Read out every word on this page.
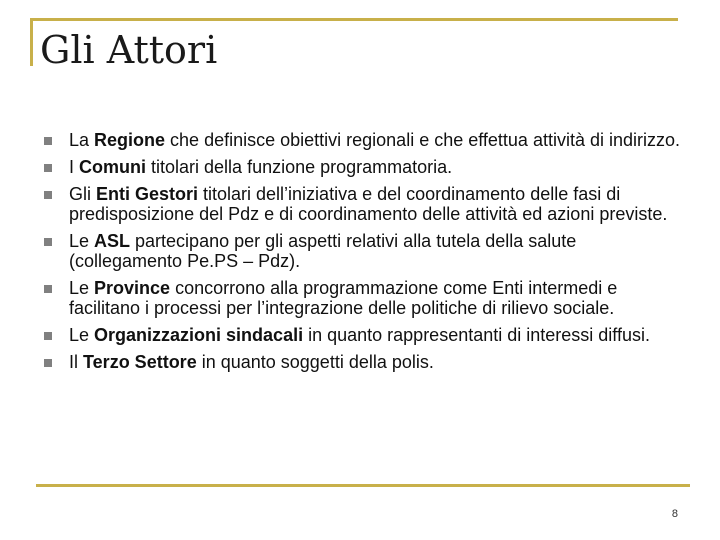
Gli Attori
La Regione che definisce obiettivi regionali e che effettua attività di indirizzo.
I Comuni titolari della funzione programmatoria.
Gli Enti Gestori titolari dell’iniziativa e del coordinamento delle fasi di predisposizione del Pdz e di coordinamento delle attività ed azioni previste.
Le ASL partecipano per gli aspetti relativi alla tutela della salute (collegamento Pe.PS – Pdz).
Le Province concorrono alla programmazione come Enti intermedi e facilitano i processi per l’integrazione delle politiche di rilievo sociale.
Le Organizzazioni sindacali in quanto rappresentanti di interessi diffusi.
Il Terzo Settore in quanto soggetti della polis.
8
